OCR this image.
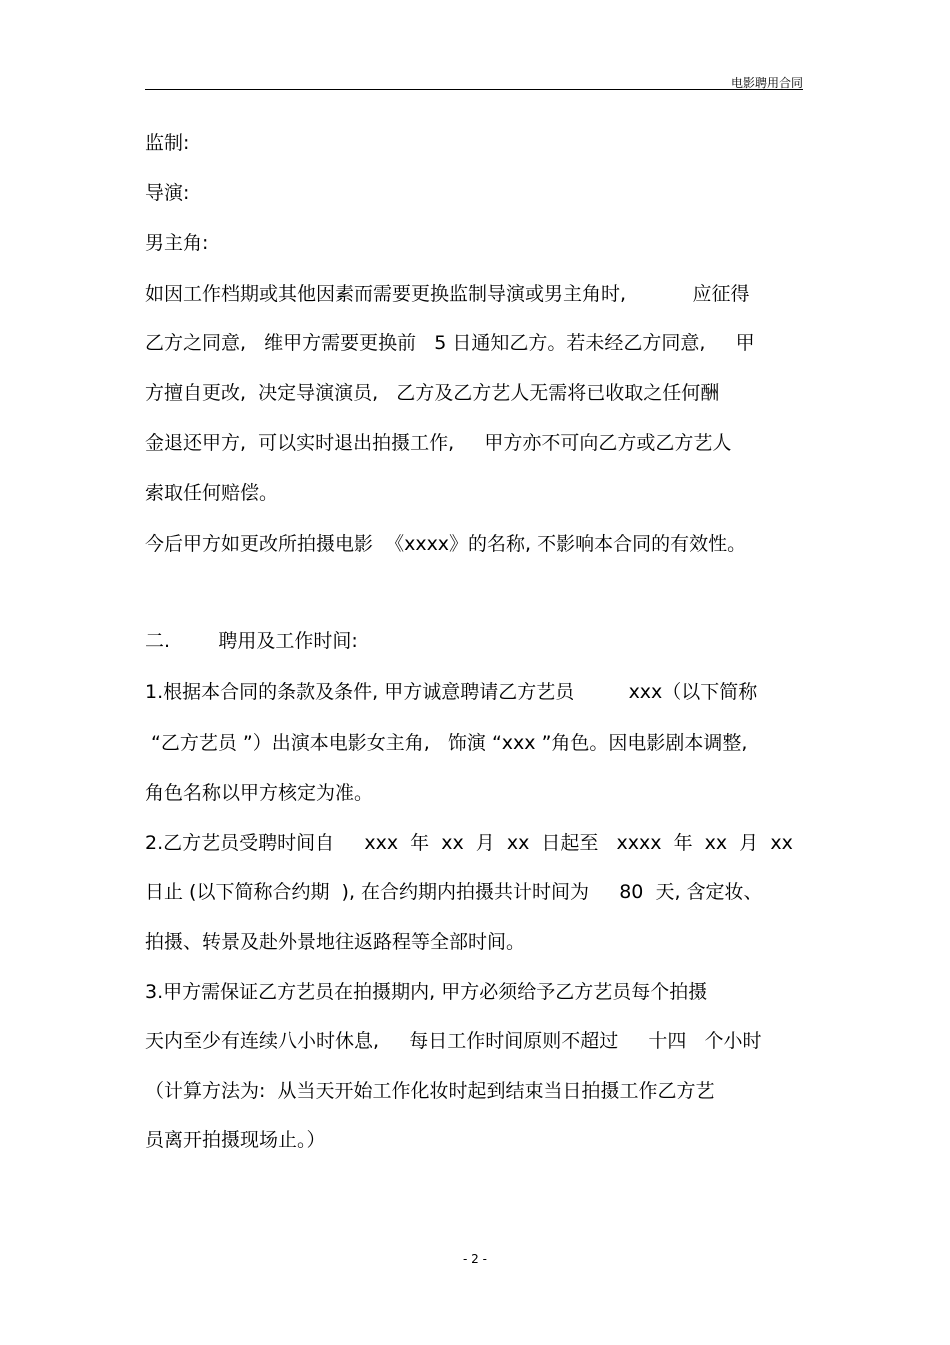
电影聘用合同
监制:
导演:
男主角:
如因工作档期或其他因素而需要更换监制导演或男主角时,           应征得
乙方之同意,   维甲方需要更换前   5 日通知乙方。若未经乙方同意,     甲
方擅自更改,  决定导演演员,   乙方及乙方艺人无需将已收取之任何酬
金退还甲方,  可以实时退出拍摄工作,     甲方亦不可向乙方或乙方艺人
索取任何赔偿。
今后甲方如更改所拍摄电影  《xxxx》的名称, 不影响本合同的有效性。
二.        聘用及工作时间:
1.根据本合同的条款及条件, 甲方诚意聘请乙方艺员         xxx（以下简称
“乙方艺员 ”）出演本电影女主角,   饰演 “xxx ”角色。因电影剧本调整,
角色名称以甲方核定为准。
2.乙方艺员受聘时间自     xxx  年  xx  月  xx  日起至   xxxx  年  xx  月  xx
日止 (以下简称合约期  ), 在合约期内拍摄共计时间为     80  天, 含定妆、
拍摄、转景及赴外景地往返路程等全部时间。
3.甲方需保证乙方艺员在拍摄期内, 甲方必须给予乙方艺员每个拍摄
天内至少有连续八小时休息,     每日工作时间原则不超过     十四   个小时
（计算方法为:  从当天开始工作化妆时起到结束当日拍摄工作乙方艺
员离开拍摄现场止。）
- 2 -
